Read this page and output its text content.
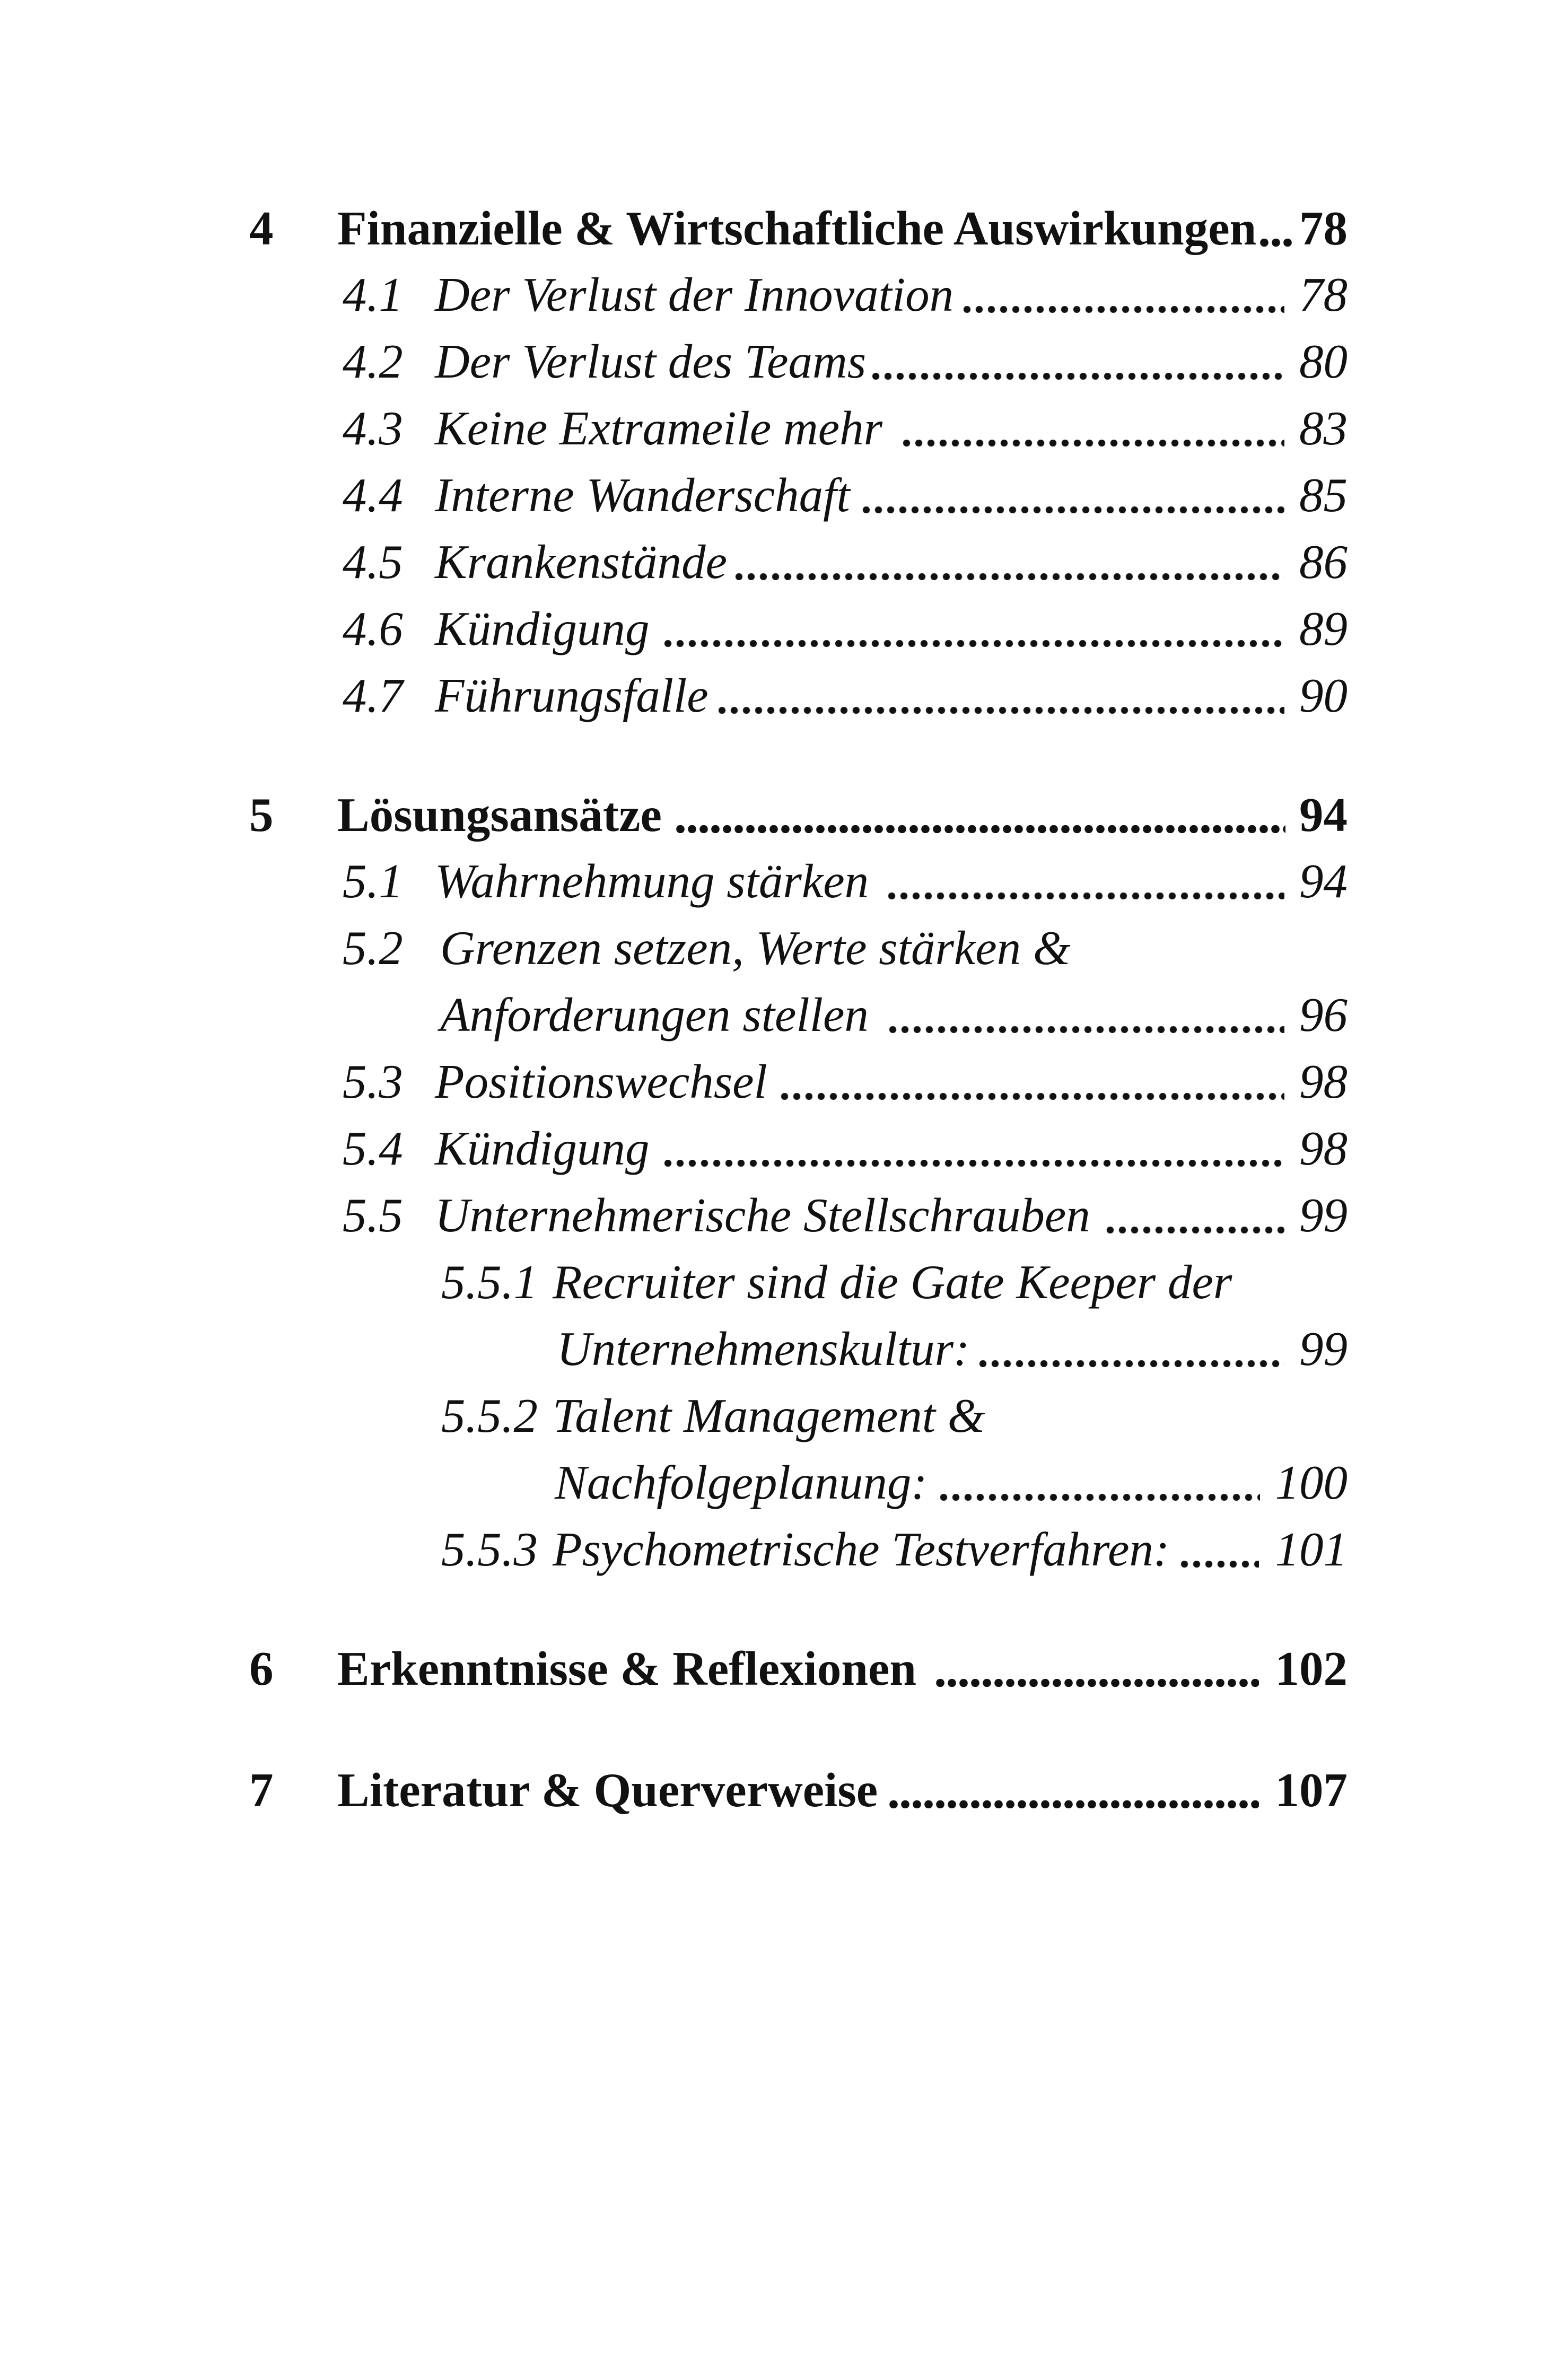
4 Finanzielle & Wirtschaftliche Auswirkungen 78
4.1 Der Verlust der Innovation	78
4.2 Der Verlust des Teams	80
4.3 Keine Extrameile mehr	83
4.4 Interne Wanderschaft	85
4.5 Krankenstände	86
4.6 Kündigung	89
4.7 Führungsfalle	90
5 Lösungsansätze	94
5.1 Wahrnehmung stärken	94
5.2 Grenzen setzen, Werte stärken &
Anforderungen stellen	96
5.3 Positionswechsel	98
5.4 Kündigung	98
5.5 Unternehmerische Stellschrauben	99
5.5.1 Recruiter sind die Gate Keeper der
Unternehmenskultur:	99
5.5.2 Talent Management &
Nachfolgeplanung:	100
5.5.3 Psychometrische Testverfahren: 101
6 Erkenntnisse & Reflexionen	102
7 Literatur & Querverweise	107
